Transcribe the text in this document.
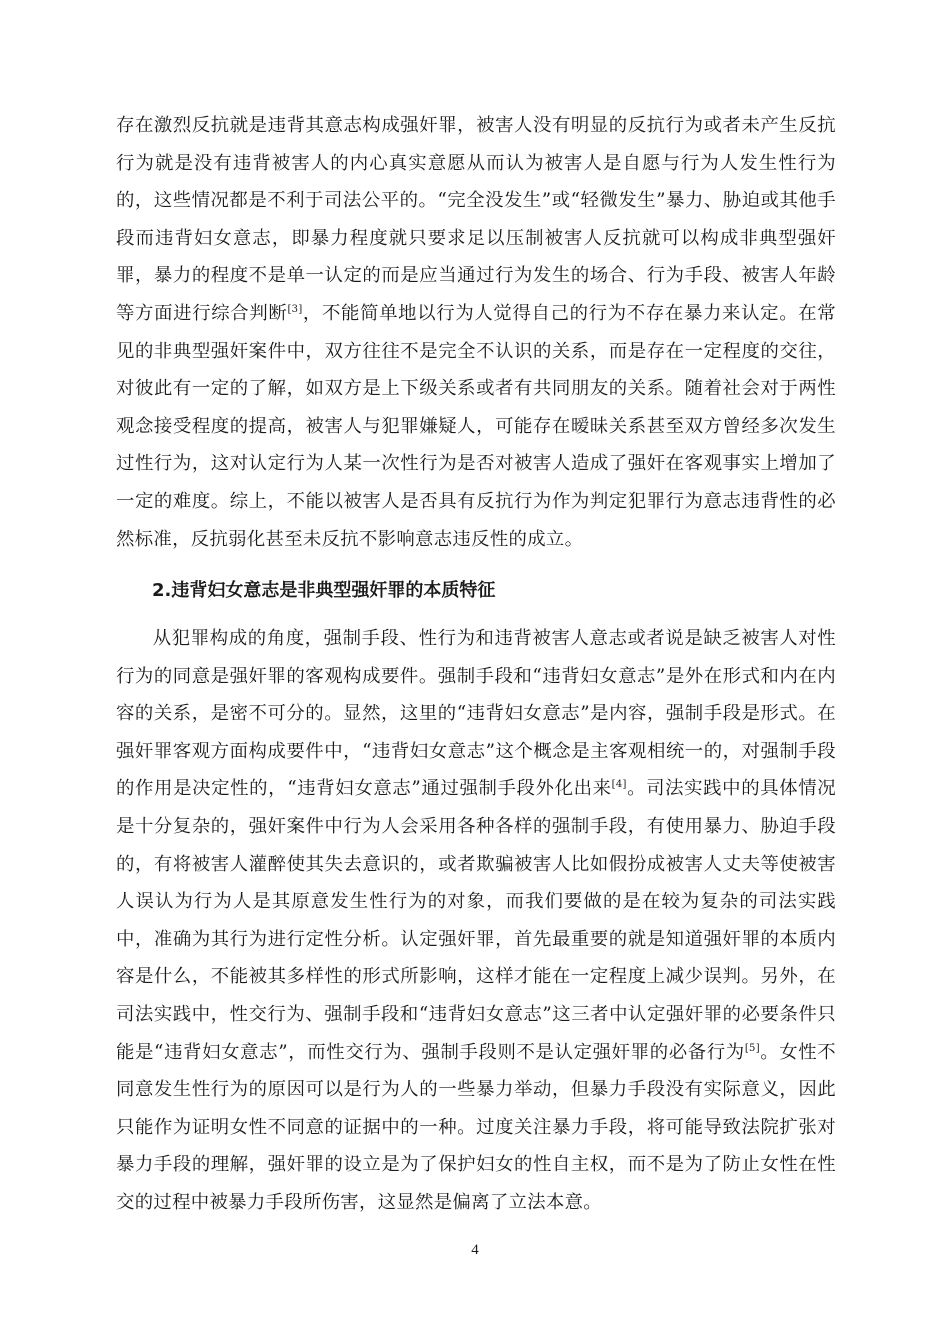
存在激烈反抗就是违背其意志构成强奸罪，被害人没有明显的反抗行为或者未产生反抗行为就是没有违背被害人的内心真实意愿从而认为被害人是自愿与行为人发生性行为的，这些情况都是不利于司法公平的。“完全没发生”或“轻微发生”暴力、胁迫或其他手段而违背妇女意志，即暴力程度就只要求足以压制被害人反抗就可以构成非典型强奸罪，暴力的程度不是单一认定的而是应当通过行为发生的场合、行为手段、被害人年龄等方面进行综合判断[3]，不能简单地以行为人觉得自己的行为不存在暴力来认定。在常见的非典型强奸案件中，双方往往不是完全不认识的关系，而是存在一定程度的交往，对彼此有一定的了解，如双方是上下级关系或者有共同朋友的关系。随着社会对于两性观念接受程度的提高，被害人与犯罪嫌疑人，可能存在暧昧关系甚至双方曾经多次发生过性行为，这对认定行为人某一次性行为是否对被害人造成了强奸在客观事实上增加了一定的难度。综上，不能以被害人是否具有反抗行为作为判定犯罪行为意志违背性的必然标准，反抗弱化甚至未反抗不影响意志违反性的成立。

2.违背妇女意志是非典型强奸罪的本质特征

从犯罪构成的角度，强制手段、性行为和违背被害人意志或者说是缺乏被害人对性行为的同意是强奸罪的客观构成要件。强制手段和“违背妇女意志”是外在形式和内在内容的关系，是密不可分的。显然，这里的“违背妇女意志”是内容，强制手段是形式。在强奸罪客观方面构成要件中，“违背妇女意志”这个概念是主客观相统一的，对强制手段的作用是决定性的，“违背妇女意志”通过强制手段外化出来[4]。司法实践中的具体情况是十分复杂的，强奸案件中行为人会采用各种各样的强制手段，有使用暴力、胁迫手段的，有将被害人灌醉使其失去意识的，或者欺骗被害人比如假扮成被害人丈夫等使被害人误认为行为人是其原意发生性行为的对象，而我们要做的是在较为复杂的司法实践中，准确为其行为进行定性分析。认定强奸罪，首先最重要的就是知道强奸罪的本质内容是什么，不能被其多样性的形式所影响，这样才能在一定程度上减少误判。另外，在司法实践中，性交行为、强制手段和“违背妇女意志”这三者中认定强奸罪的必要条件只能是“违背妇女意志”，而性交行为、强制手段则不是认定强奸罪的必备行为[5]。女性不同意发生性行为的原因可以是行为人的一些暴力举动，但暴力手段没有实际意义，因此只能作为证明女性不同意的证据中的一种。过度关注暴力手段，将可能导致法院扩张对暴力手段的理解，强奸罪的设立是为了保护妇女的性自主权，而不是为了防止女性在性交的过程中被暴力手段所伤害，这显然是偏离了立法本意。

4
